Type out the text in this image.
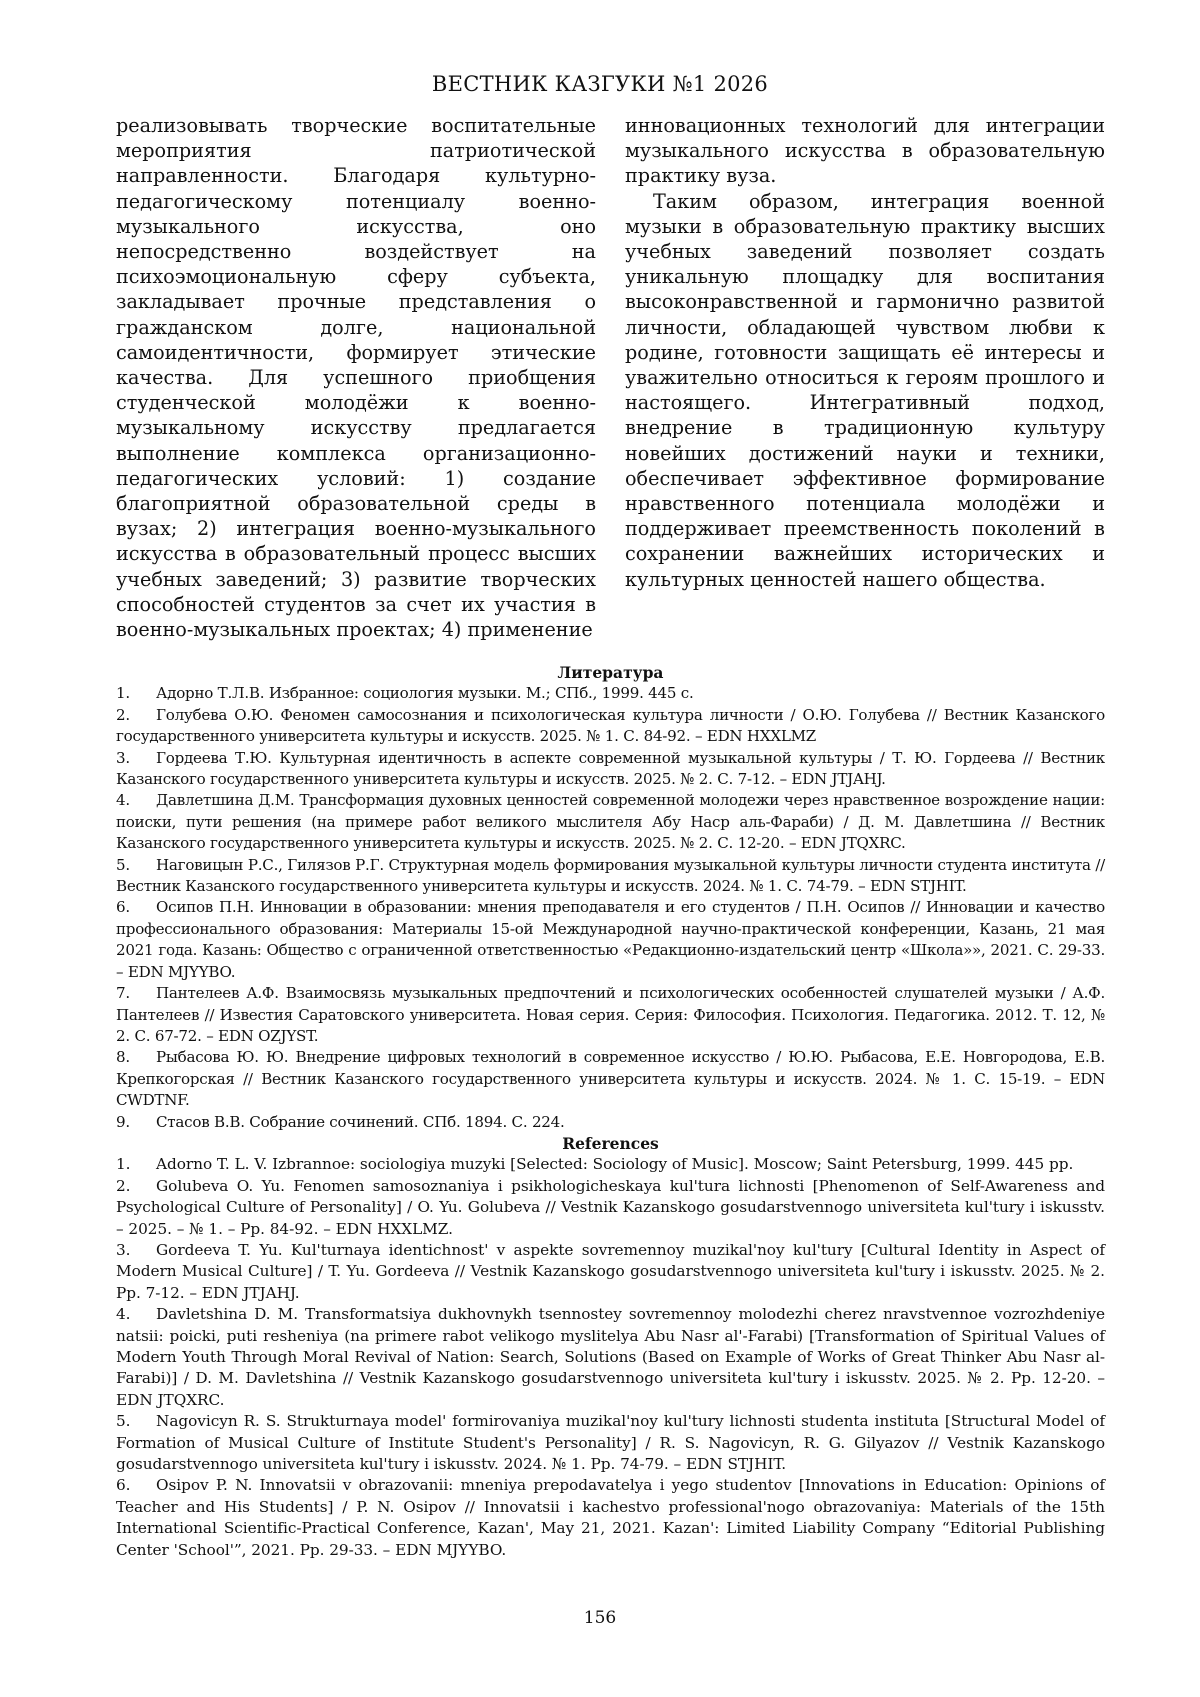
ВЕСТНИК КАЗГУКИ №1 2026

реализовывать творческие воспитательные мероприятия патриотической направленности. Благодаря культурно-педагогическому потенциалу военно-музыкального искусства, оно непосредственно воздействует на психоэмоциональную сферу субъекта, закладывает прочные представления о гражданском долге, национальной самоидентичности, формирует этические качества. Для успешного приобщения студенческой молодёжи к военно-музыкальному искусству предлагается выполнение комплекса организационно-педагогических условий: 1) создание благоприятной образовательной среды в вузах; 2) интеграция военно-музыкального искусства в образовательный процесс высших учебных заведений; 3) развитие творческих способностей студентов за счет их участия в военно-музыкальных проектах; 4) применение

инновационных технологий для интеграции музыкального искусства в образовательную практику вуза.

Таким образом, интеграция военной музыки в образовательную практику высших учебных заведений позволяет создать уникальную площадку для воспитания высоконравственной и гармонично развитой личности, обладающей чувством любви к родине, готовности защищать её интересы и уважительно относиться к героям прошлого и настоящего. Интегративный подход, внедрение в традиционную культуру новейших достижений науки и техники, обеспечивает эффективное формирование нравственного потенциала молодёжи и поддерживает преемственность поколений в сохранении важнейших исторических и культурных ценностей нашего общества.

Литература
1. Адорно Т.Л.В. Избранное: социология музыки. М.; СПб., 1999. 445 с.
2. Голубева О.Ю. Феномен самосознания и психологическая культура личности / О.Ю. Голубева // Вестник Казанского государственного университета культуры и искусств. 2025. № 1. С. 84-92. – EDN HXXLMZ
3. Гордеева Т.Ю. Культурная идентичность в аспекте современной музыкальной культуры / Т. Ю. Гордеева // Вестник Казанского государственного университета культуры и искусств. 2025. № 2. С. 7-12. – EDN JTJAHJ.
4. Давлетшина Д.М. Трансформация духовных ценностей современной молодежи через нравственное возрождение нации: поиски, пути решения (на примере работ великого мыслителя Абу Наср аль-Фараби) / Д. М. Давлетшина // Вестник Казанского государственного университета культуры и искусств. 2025. № 2. С. 12-20. – EDN JTQXRC.
5. Наговицын Р.С., Гилязов Р.Г. Структурная модель формирования музыкальной культуры личности студента института // Вестник Казанского государственного университета культуры и искусств. 2024. № 1. С. 74-79. – EDN STJHIT.
6. Осипов П.Н. Инновации в образовании: мнения преподавателя и его студентов / П.Н. Осипов // Инновации и качество профессионального образования: Материалы 15-ой Международной научно-практической конференции, Казань, 21 мая 2021 года. Казань: Общество с ограниченной ответственностью «Редакционно-издательский центр «Школа»», 2021. С. 29-33. – EDN MJYYBO.
7. Пантелеев А.Ф. Взаимосвязь музыкальных предпочтений и психологических особенностей слушателей музыки / А.Ф. Пантелеев // Известия Саратовского университета. Новая серия. Серия: Философия. Психология. Педагогика. 2012. Т. 12, № 2. С. 67-72. – EDN OZJYST.
8. Рыбасова Ю. Ю. Внедрение цифровых технологий в современное искусство / Ю.Ю. Рыбасова, Е.Е. Новгородова, Е.В. Крепкогорская // Вестник Казанского государственного университета культуры и искусств. 2024. № 1. С. 15-19. – EDN CWDTNF.
9. Стасов В.В. Собрание сочинений. СПб. 1894. С. 224.
References
1. Adorno T. L. V. Izbrannoe: sociologiya muzyki [Selected: Sociology of Music]. Moscow; Saint Petersburg, 1999. 445 pp.
2. Golubeva O. Yu. Fenomen samosoznaniya i psikhologicheskaya kul'tura lichnosti [Phenomenon of Self-Awareness and Psychological Culture of Personality] / O. Yu. Golubeva // Vestnik Kazanskogo gosudarstvennogo universiteta kul'tury i iskusstv. – 2025. – № 1. – Pp. 84-92. – EDN HXXLMZ.
3. Gordeeva T. Yu. Kul'turnaya identichnost' v aspekte sovremennoy muzikal'noy kul'tury [Cultural Identity in Aspect of Modern Musical Culture] / T. Yu. Gordeeva // Vestnik Kazanskogo gosudarstvennogo universiteta kul'tury i iskusstv. 2025. № 2. Pp. 7-12. – EDN JTJAHJ.
4. Davletshina D. M. Transformatsiya dukhovnykh tsennostey sovremennoy molodezhi cherez nravstvennoe vozrozhdeniye natsii: poicki, puti resheniya (na primere rabot velikogo myslitelya Abu Nasr al'-Farabi) [Transformation of Spiritual Values of Modern Youth Through Moral Revival of Nation: Search, Solutions (Based on Example of Works of Great Thinker Abu Nasr al-Farabi)] / D. M. Davletshina // Vestnik Kazanskogo gosudarstvennogo universiteta kul'tury i iskusstv. 2025. № 2. Pp. 12-20. – EDN JTQXRC.
5. Nagovicyn R. S. Strukturnaya model' formirovaniya muzikal'noy kul'tury lichnosti studenta instituta [Structural Model of Formation of Musical Culture of Institute Student's Personality] / R. S. Nagovicyn, R. G. Gilyazov // Vestnik Kazanskogo gosudarstvennogo universiteta kul'tury i iskusstv. 2024. № 1. Pp. 74-79. – EDN STJHIT.
6. Osipov P. N. Innovatsii v obrazovanii: mneniya prepodavatelya i yego studentov [Innovations in Education: Opinions of Teacher and His Students] / P. N. Osipov // Innovatsii i kachestvo professional'nogo obrazovaniya: Materials of the 15th International Scientific-Practical Conference, Kazan', May 21, 2021. Kazan': Limited Liability Company “Editorial Publishing Center 'School'”, 2021. Pp. 29-33. – EDN MJYYBO.
156
